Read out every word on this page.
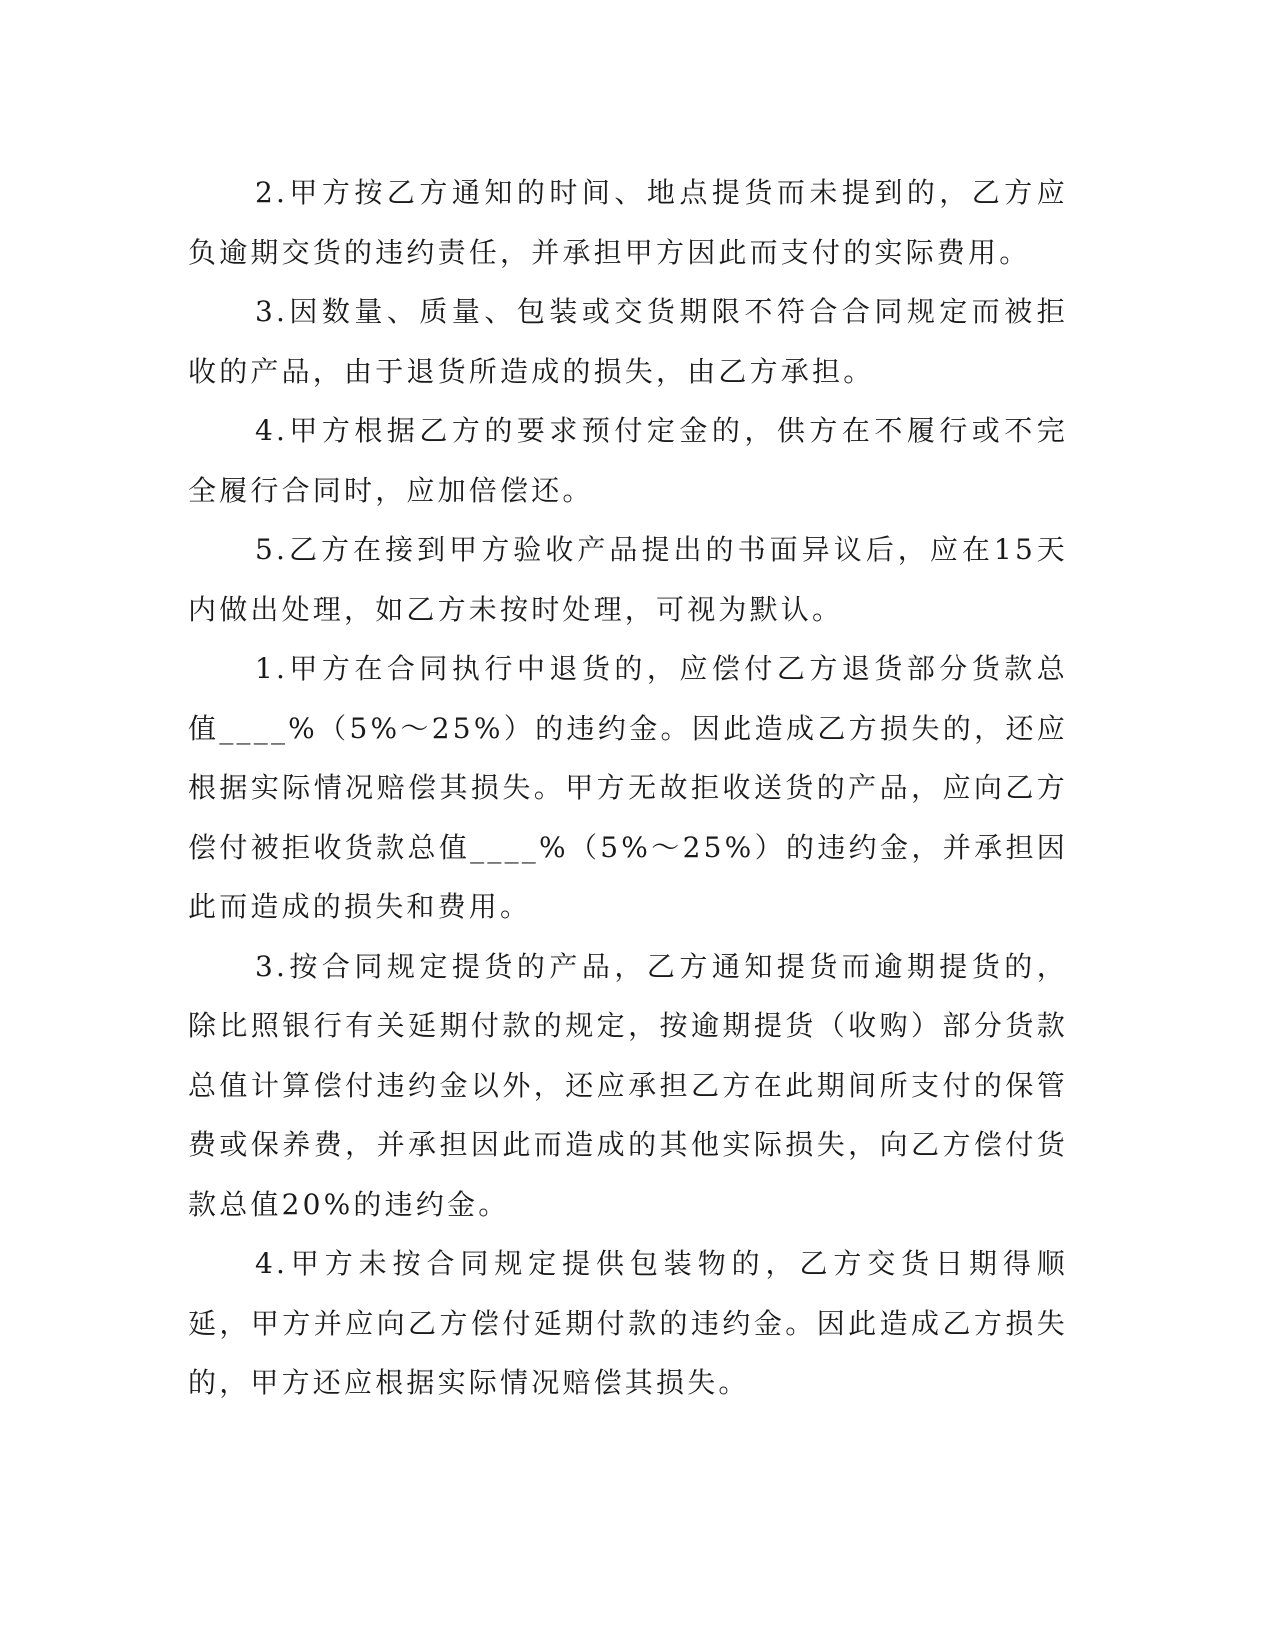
2.甲方按乙方通知的时间、地点提货而未提到的，乙方应负逾期交货的违约责任，并承担甲方因此而支付的实际费用。

3.因数量、质量、包装或交货期限不符合合同规定而被拒收的产品，由于退货所造成的损失，由乙方承担。

4.甲方根据乙方的要求预付定金的，供方在不履行或不完全履行合同时，应加倍偿还。

5.乙方在接到甲方验收产品提出的书面异议后，应在15天内做出处理，如乙方未按时处理，可视为默认。

1.甲方在合同执行中退货的，应偿付乙方退货部分货款总值____%（5%～25%）的违约金。因此造成乙方损失的，还应根据实际情况赔偿其损失。甲方无故拒收送货的产品，应向乙方偿付被拒收货款总值____%（5%～25%）的违约金，并承担因此而造成的损失和费用。

3.按合同规定提货的产品，乙方通知提货而逾期提货的，除比照银行有关延期付款的规定，按逾期提货（收购）部分货款总值计算偿付违约金以外，还应承担乙方在此期间所支付的保管费或保养费，并承担因此而造成的其他实际损失，向乙方偿付货款总值20%的违约金。

4.甲方未按合同规定提供包装物的，乙方交货日期得顺延，甲方并应向乙方偿付延期付款的违约金。因此造成乙方损失的，甲方还应根据实际情况赔偿其损失。
